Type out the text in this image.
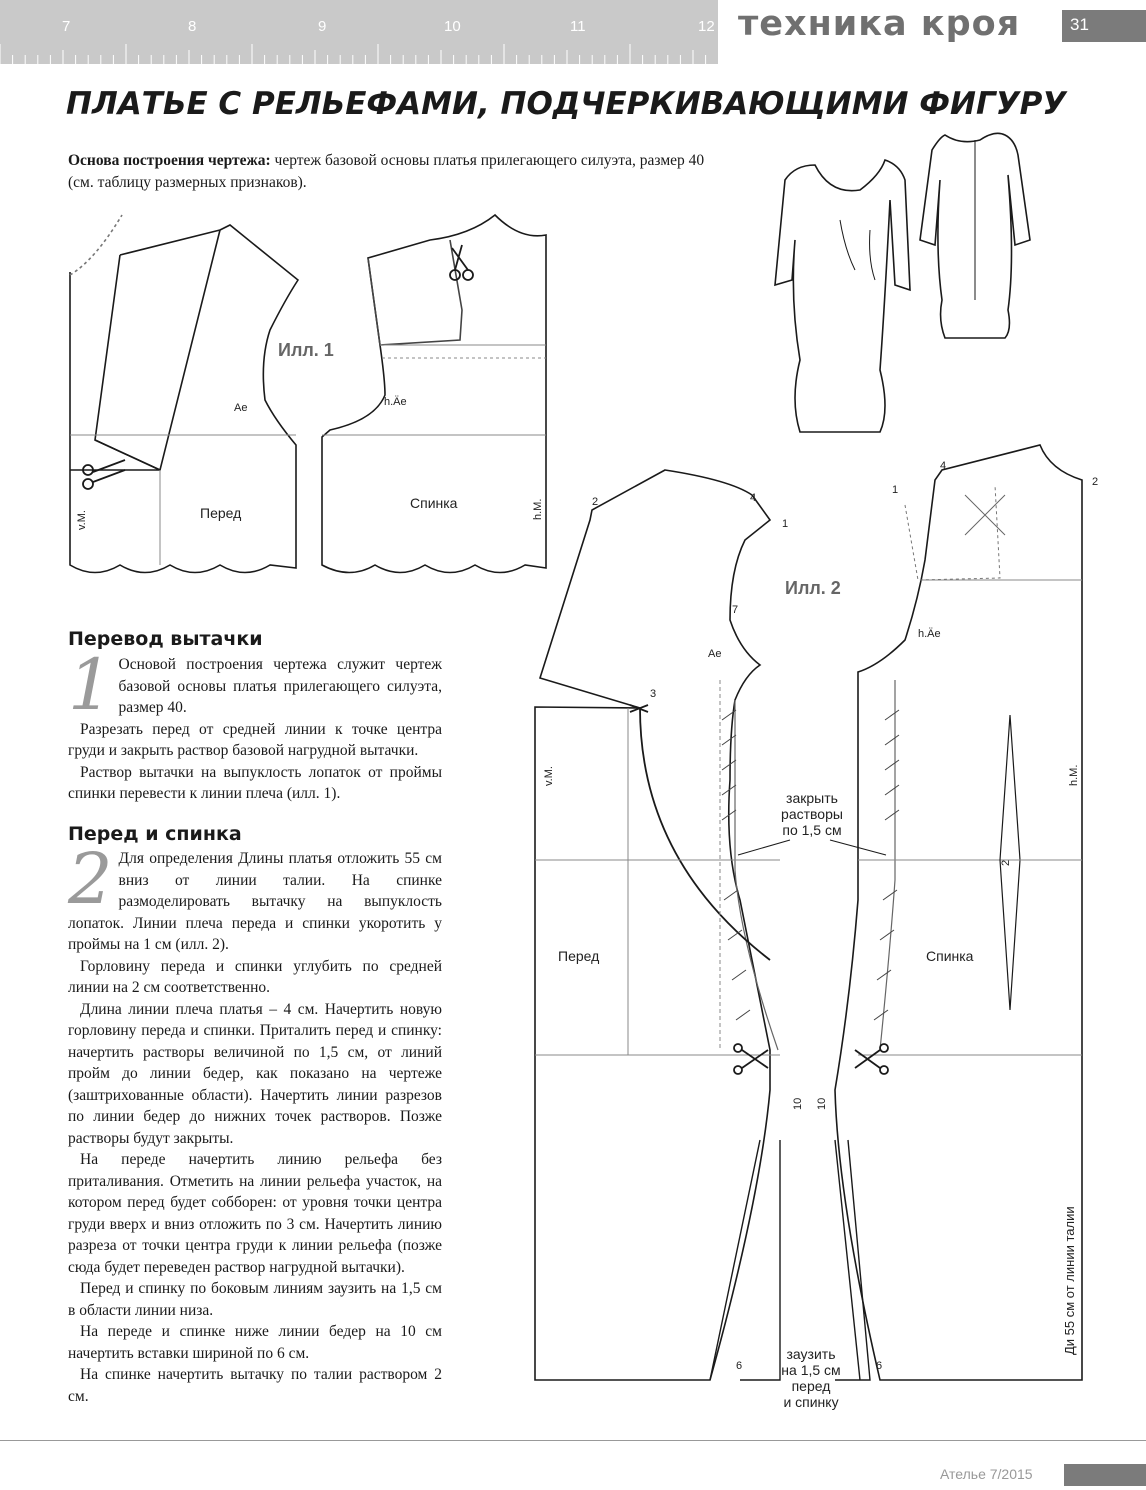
7	8	9	10	11	12 техника кроя	31
ПЛАТЬЕ С РЕЛЬЕФАМИ, ПОДЧЕРКИВАЮЩИМИ ФИГУРУ
Основа построения чертежа: чертеж базовой основы платья прилегающего силуэта, размер 40 (см. таблицу размерных признаков).
Илл. 1
Перед
Спинка
Ае	h.Äe
v.M.
h.M.
Илл. 2
Перед	Спинка
Ae
h.Äe
v.M.	h.M.
закрыть
растворы
по 1,5 см
заузить
на 1,5 см
перед
и спинку
Ди 55 см от линии талии
2
2
4
4
1
1
7
3
6	6
10 10
2
Перевод вытачки

1 Основой построения чертежа служит чертеж базовой основы платья прилегающего силуэта, размер 40.

Разрезать перед от средней линии к точке центра груди и закрыть раствор базовой нагрудной вытачки.

Раствор вытачки на выпуклость лопаток от проймы спинки перевести к линии плеча (илл. 1).

Перед и спинка

2 Для определения Длины платья отложить 55 см вниз от линии талии. На спинке размоделировать вытачку на выпуклость лопаток. Линии плеча переда и спинки укоротить у проймы на 1 см (илл. 2).

Горловину переда и спинки углубить по средней линии на 2 см соответственно.

Длина линии плеча платья – 4 см. Начертить новую горловину переда и спинки. Приталить перед и спинку: начертить растворы величиной по 1,5 см, от линий пройм до линии бедер, как показано на чертеже (заштрихованные области). Начертить линии разрезов по линии бедер до нижних точек растворов. Позже растворы будут закрыты.

На переде начертить линию рельефа без приталивания. Отметить на линии рельефа участок, на котором перед будет собборен: от уровня точки центра груди вверх и вниз отложить по 3 см. Начертить линию разреза от точки центра груди к линии рельефа (позже сюда будет переведен раствор нагрудной вытачки).

Перед и спинку по боковым линиям заузить на 1,5 см в области линии низа.

На переде и спинке ниже линии бедер на 10 см начертить вставки шириной по 6 см.

На спинке начертить вытачку по талии раствором 2 см.

Ателье 7/2015
